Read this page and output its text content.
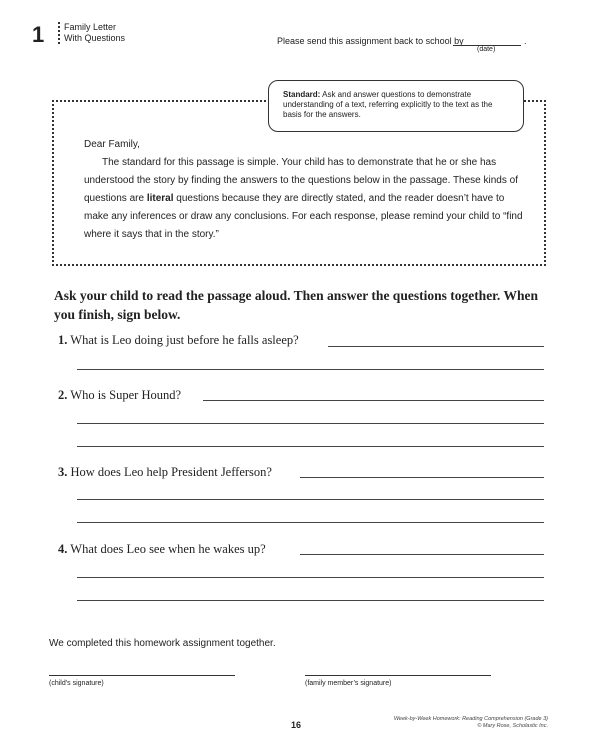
1 Family Letter
With Questions	Please send this assignment back to school by	.
(date)
Standard: Ask and answer questions to demonstrate understanding of a text, referring explicitly to the text as the basis for the answers.

Dear Family,

The standard for this passage is simple. Your child has to demonstrate that he or she has understood the story by finding the answers to the questions below in the passage. These kinds of questions are literal questions because they are directly stated, and the reader doesn’t have to make any inferences or draw any conclusions. For each response, please remind your child to “find where it says that in the story.”

Ask your child to read the passage aloud. Then answer the questions together. When you finish, sign below.
1. What is Leo doing just before he falls asleep?
2. Who is Super Hound?
3. How does Leo help President Jefferson?
4. What does Leo see when he wakes up?
We completed this homework assignment together.
(child’s signature)	(family member’s signature)
16
Week-by-Week Homework: Reading Comprehension (Grade 3)
© Mary Rose, Scholastic Inc.
